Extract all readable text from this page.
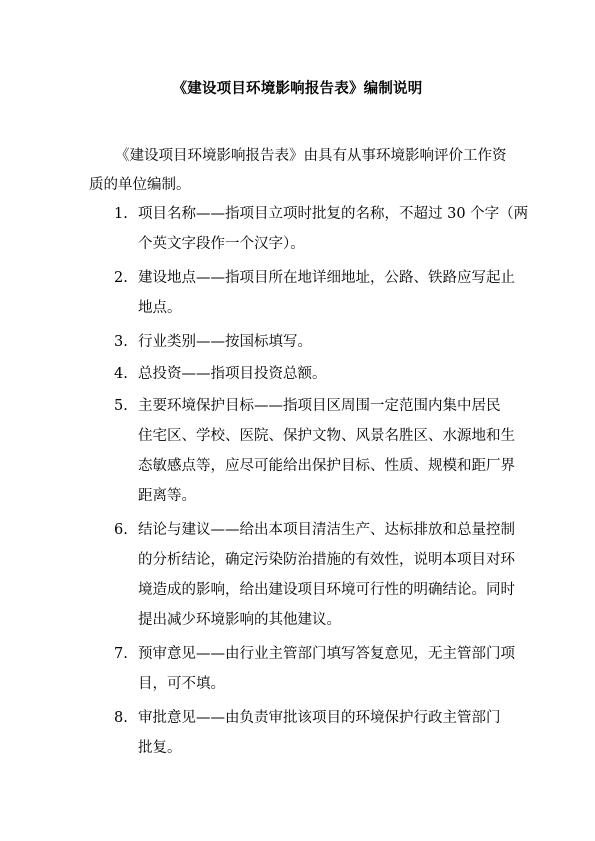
《建设项目环境影响报告表》编制说明
《建设项目环境影响报告表》由具有从事环境影响评价工作资
质的单位编制。
1. 项目名称——指项目立项时批复的名称，不超过 30 个字（两
个英文字段作一个汉字）。
2. 建设地点——指项目所在地详细地址，公路、铁路应写起止
地点。
3. 行业类别——按国标填写。
4. 总投资——指项目投资总额。
5. 主要环境保护目标——指项目区周围一定范围内集中居民
住宅区、学校、医院、保护文物、风景名胜区、水源地和生
态敏感点等，应尽可能给出保护目标、性质、规模和距厂界
距离等。
6. 结论与建议——给出本项目清洁生产、达标排放和总量控制
的分析结论，确定污染防治措施的有效性，说明本项目对环
境造成的影响，给出建设项目环境可行性的明确结论。同时
提出减少环境影响的其他建议。
7. 预审意见——由行业主管部门填写答复意见，无主管部门项
目，可不填。
8. 审批意见——由负责审批该项目的环境保护行政主管部门
批复。
